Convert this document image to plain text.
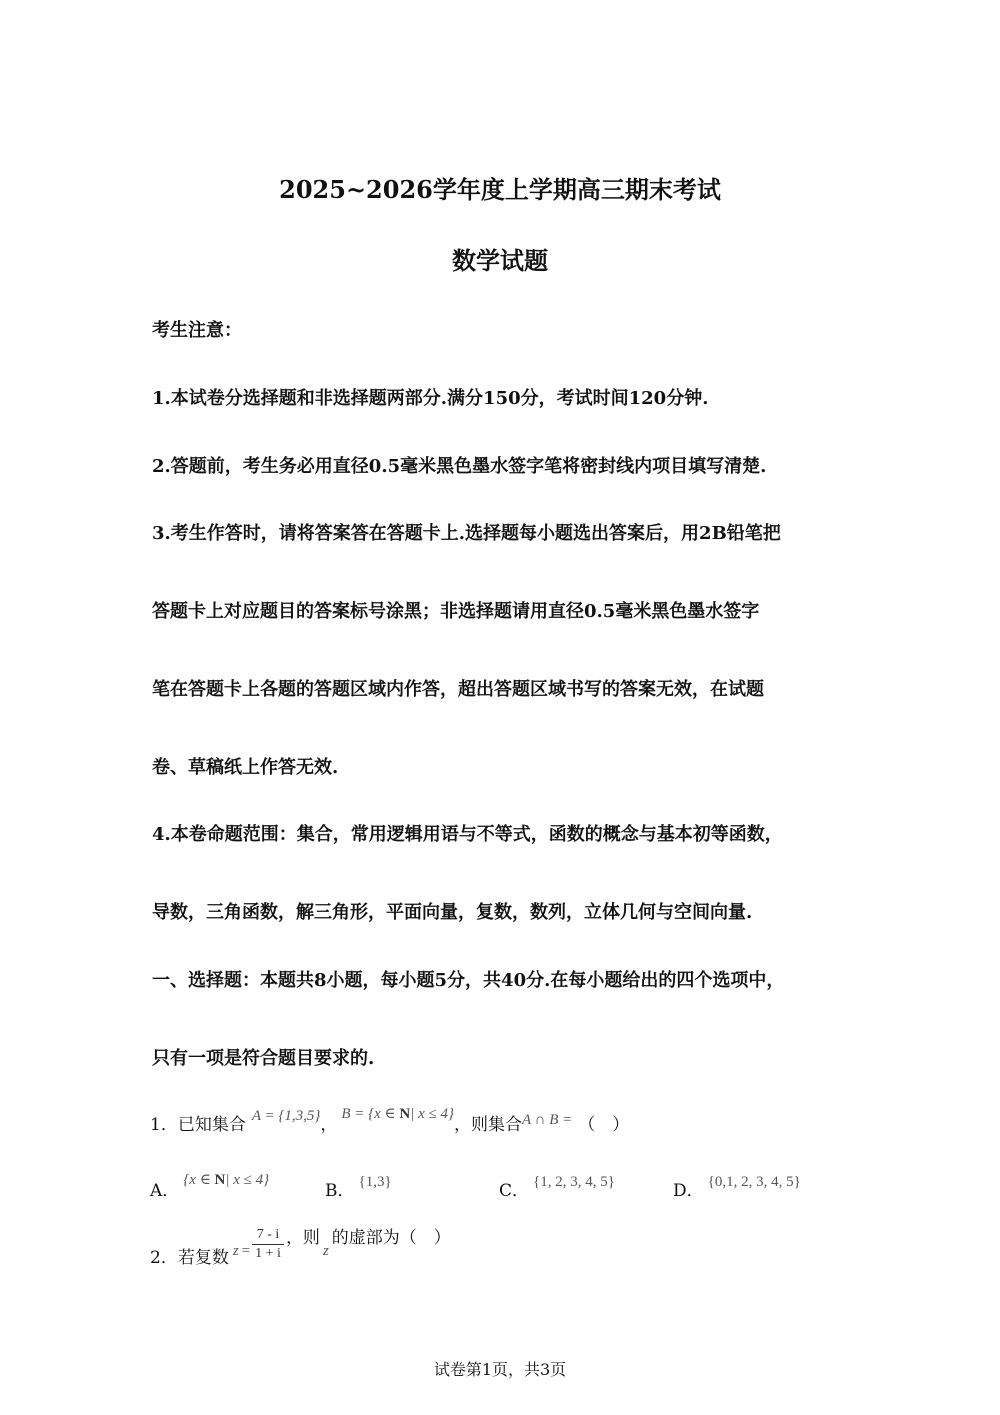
2025~2026学年度上学期高三期末考试
数学试题
考生注意：
1.本试卷分选择题和非选择题两部分.满分150分，考试时间120分钟.
2.答题前，考生务必用直径0.5毫米黑色墨水签字笔将密封线内项目填写清楚.
3.考生作答时，请将答案答在答题卡上.选择题每小题选出答案后，用2B铅笔把
答题卡上对应题目的答案标号涂黑；非选择题请用直径0.5毫米黑色墨水签字
笔在答题卡上各题的答题区域内作答，超出答题区域书写的答案无效，在试题
卷、草稿纸上作答无效.
4.本卷命题范围：集合，常用逻辑用语与不等式，函数的概念与基本初等函数，
导数，三角函数，解三角形，平面向量，复数，数列，立体几何与空间向量.
一、选择题：本题共8小题，每小题5分，共40分.在每小题给出的四个选项中，
只有一项是符合题目要求的.
1．已知集合 A = {1,3,5}，B = {x ∈ N| x ≤ 4}，则集合A ∩ B = （　）
A．{x ∈ N| x ≤ 4}
B． {1,3}	C． {1, 2, 3, 4, 5}	D． {0,1, 2, 3, 4, 5}
2．若复数 $z = \frac{7 - i}{1 + i}$ ，则z的虚部为（　）
试卷第1页，共3页
